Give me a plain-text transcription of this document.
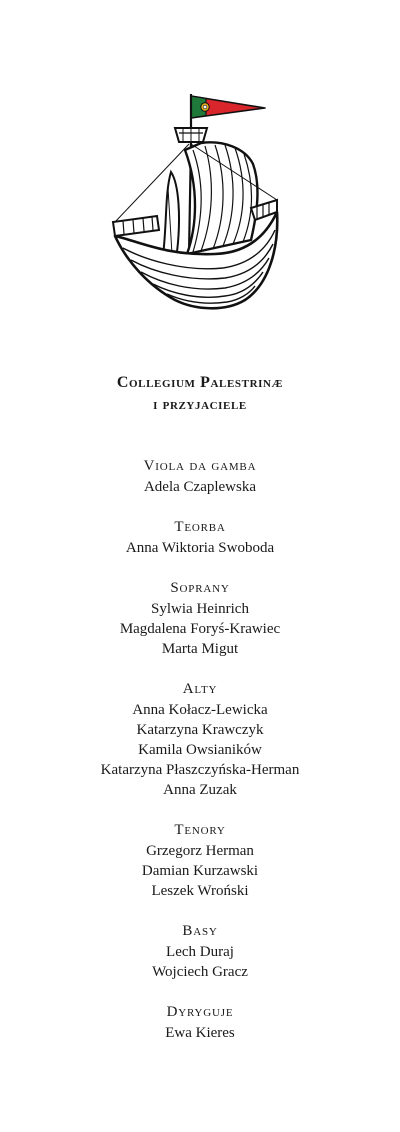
Collegium Palestrinæ

i przyjaciele

Viola da gamba

Adela Czaplewska

Teorba

Anna Wiktoria Swoboda

Soprany

Sylwia Heinrich

Magdalena Foryś-Krawiec

Marta Migut

Alty

Anna Kołacz-Lewicka

Katarzyna Krawczyk

Kamila Owsianików

Katarzyna Płaszczyńska-Herman

Anna Zuzak

Tenory

Grzegorz Herman

Damian Kurzawski

Leszek Wroński

Basy

Lech Duraj

Wojciech Gracz

Dyryguje

Ewa Kieres
